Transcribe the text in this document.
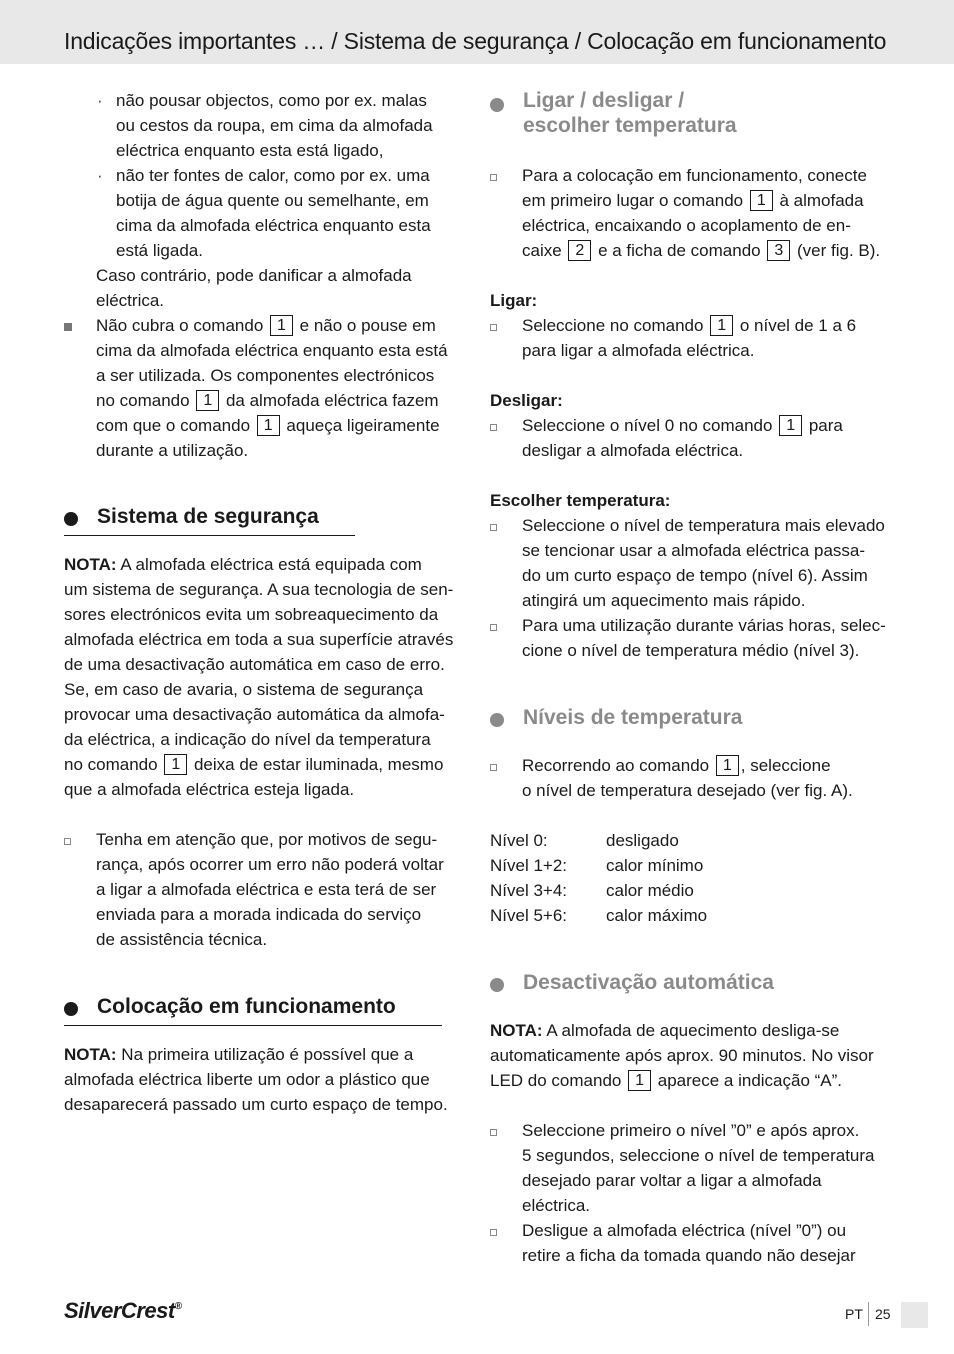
Indicações importantes … / Sistema de segurança / Colocação em funcionamento
· não pousar objectos, como por ex. malas
ou cestos da roupa, em cima da almofada
eléctrica enquanto esta está ligado,
· não ter fontes de calor, como por ex. uma
botija de água quente ou semelhante, em
cima da almofada eléctrica enquanto esta
está ligada.
Caso contrário, pode danificar a almofada
eléctrica.
Não cubra o comando 1 e não o pouse em
cima da almofada eléctrica enquanto esta está
a ser utilizada. Os componentes electrónicos
no comando 1 da almofada eléctrica fazem
com que o comando 1 aqueça ligeiramente
durante a utilização.
Sistema de segurança
NOTA: A almofada eléctrica está equipada com
um sistema de segurança. A sua tecnologia de sen-
sores electrónicos evita um sobreaquecimento da
almofada eléctrica em toda a sua superfície através
de uma desactivação automática em caso de erro.
Se, em caso de avaria, o sistema de segurança
provocar uma desactivação automática da almofa-
da eléctrica, a indicação do nível da temperatura
no comando 1 deixa de estar iluminada, mesmo
que a almofada eléctrica esteja ligada.
Tenha em atenção que, por motivos de segu-
rança, após ocorrer um erro não poderá voltar
a ligar a almofada eléctrica e esta terá de ser
enviada para a morada indicada do serviço
de assistência técnica.
Colocação em funcionamento
NOTA: Na primeira utilização é possível que a
almofada eléctrica liberte um odor a plástico que
desaparecerá passado um curto espaço de tempo.
Ligar / desligar /
escolher temperatura
Para a colocação em funcionamento, conecte
em primeiro lugar o comando 1 à almofada
eléctrica, encaixando o acoplamento de en-
caixe 2 e a ficha de comando 3 (ver fig. B).
Ligar:
Seleccione no comando 1 o nível de 1 a 6
para ligar a almofada eléctrica.
Desligar:
Seleccione o nível 0 no comando 1 para
desligar a almofada eléctrica.
Escolher temperatura:
Seleccione o nível de temperatura mais elevado
se tencionar usar a almofada eléctrica passa-
do um curto espaço de tempo (nível 6). Assim
atingirá um aquecimento mais rápido.
Para uma utilização durante várias horas, selec-
cione o nível de temperatura médio (nível 3).
Níveis de temperatura
Recorrendo ao comando 1 , seleccione
o nível de temperatura desejado (ver fig. A).
Nível 0:	desligado
Nível 1+2: calor mínimo
Nível 3+4: calor médio
Nível 5+6: calor máximo
Desactivação automática
NOTA: A almofada de aquecimento desliga-se
automaticamente após aprox. 90 minutos. No visor
LED do comando 1 aparece a indicação “A”.
Seleccione primeiro o nível ”0” e após aprox.
5 segundos, seleccione o nível de temperatura
desejado parar voltar a ligar a almofada
eléctrica.
Desligue a almofada eléctrica (nível ”0”) ou
retire a ficha da tomada quando não desejar
SilverCrest®	PT 25
